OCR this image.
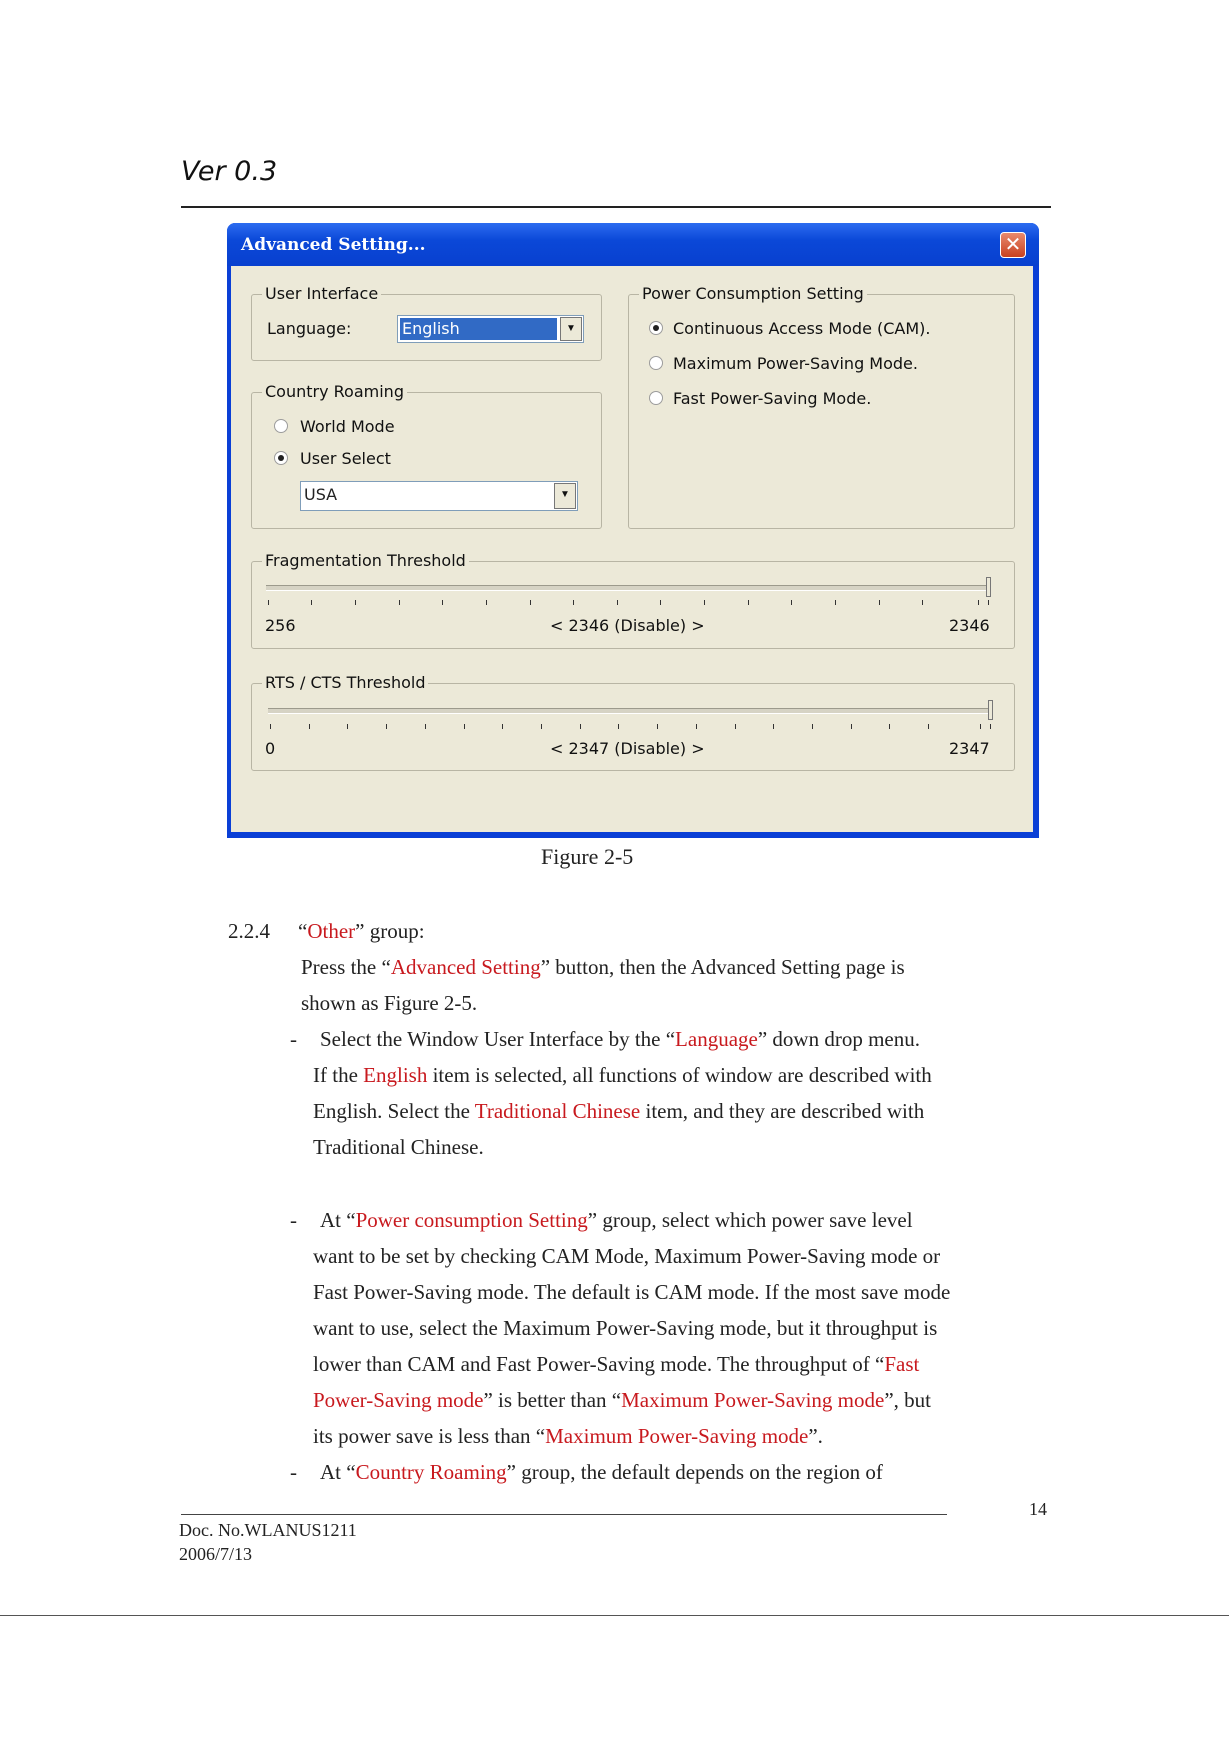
Ver 0.3
Advanced Setting...	✕
User Interface
Language:	English	▼
Country Roaming
World Mode
User Select
USA	▼
Power Consumption Setting
Continuous Access Mode (CAM).
Maximum Power-Saving Mode.
Fast Power-Saving Mode.
Fragmentation Threshold
256	< 2346 (Disable) >	2346
RTS / CTS Threshold
0	< 2347 (Disable) >	2347
Figure 2-5
2.2.4 “Other” group:
Press the “Advanced Setting” button, then the Advanced Setting page is
shown as Figure 2-5.
- Select the Window User Interface by the “Language” down drop menu.
If the English item is selected, all functions of window are described with
English. Select the Traditional Chinese item, and they are described with
Traditional Chinese.
- At “Power consumption Setting” group, select which power save level
want to be set by checking CAM Mode, Maximum Power-Saving mode or
Fast Power-Saving mode. The default is CAM mode. If the most save mode
want to use, select the Maximum Power-Saving mode, but it throughput is
lower than CAM and Fast Power-Saving mode. The throughput of “Fast
Power-Saving mode” is better than “Maximum Power-Saving mode”, but
its power save is less than “Maximum Power-Saving mode”.
- At “Country Roaming” group, the default depends on the region of
14
Doc. No.WLANUS1211
2006/7/13
